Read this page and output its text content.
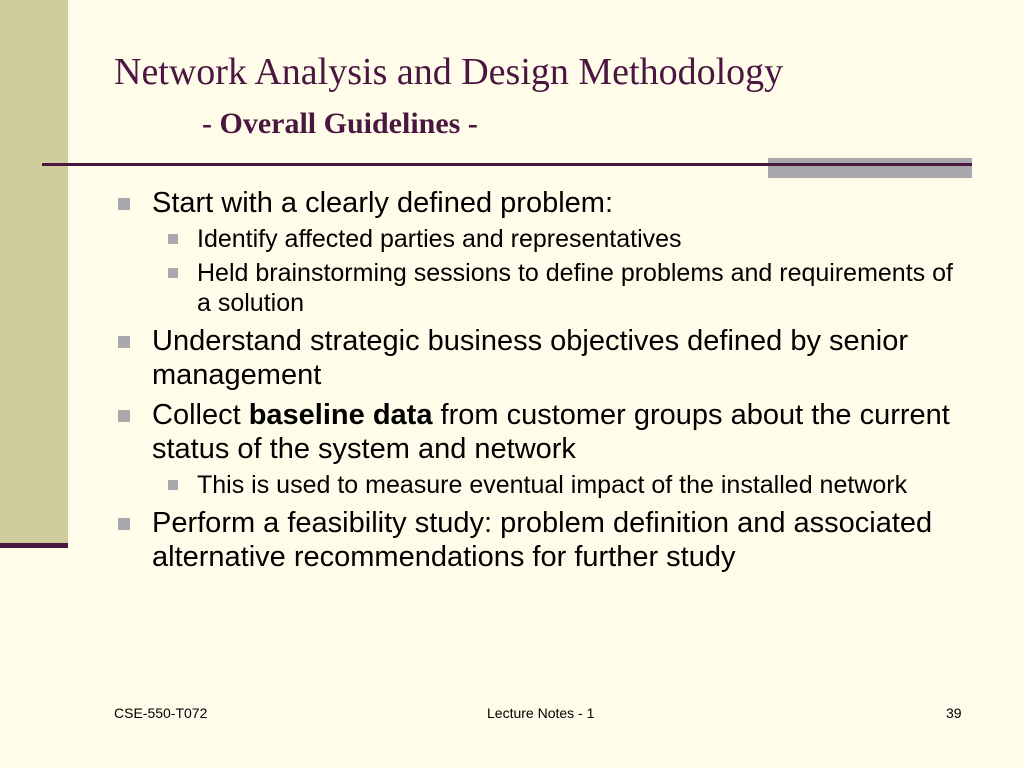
Network Analysis and Design Methodology
- Overall Guidelines -
Start with a clearly defined problem:
Identify affected parties and representatives
Held brainstorming sessions to define problems and requirements of a solution
Understand strategic business objectives defined by senior management
Collect baseline data from customer groups about the current status of the system and network
This is used to measure eventual impact of the installed network
Perform a feasibility study: problem definition and associated alternative recommendations for further study
CSE-550-T072	Lecture Notes - 1	39
